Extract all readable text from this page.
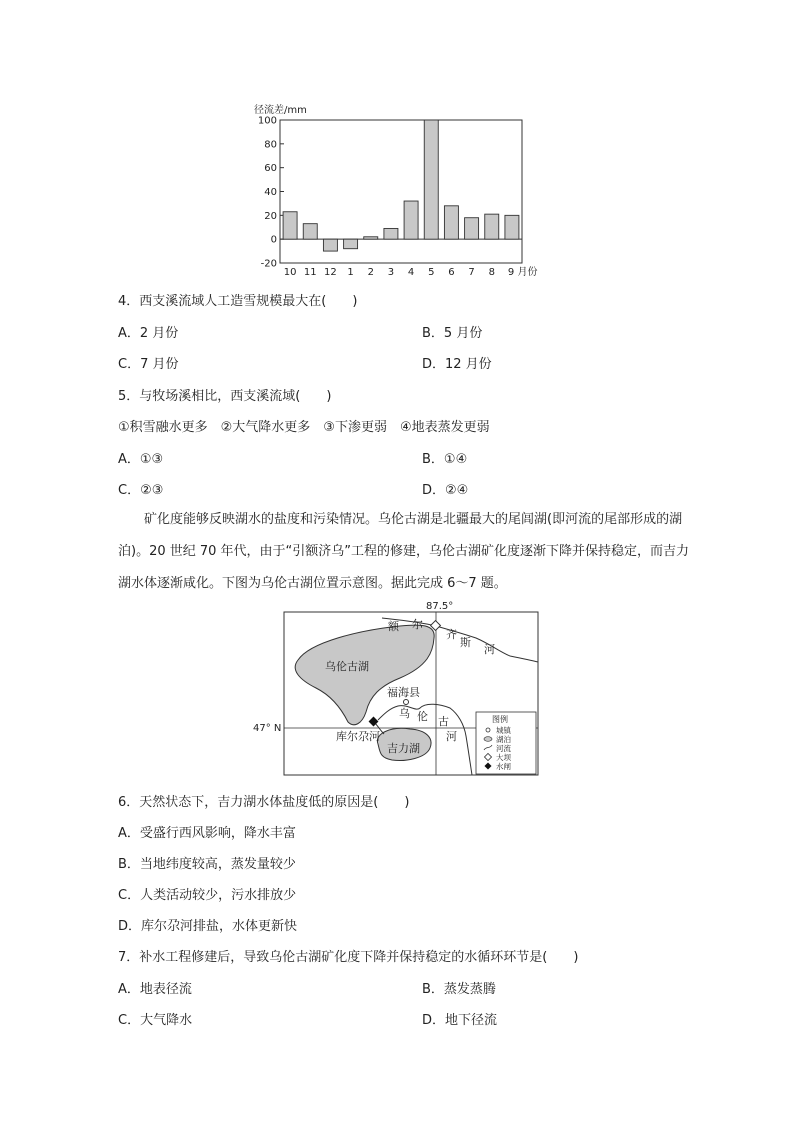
径流差/mm
100
80
60
40
20
0
-20
10 11 12 1 2 3 4 5 6 7 8 9 月份
4．西支溪流域人工造雪规模最大在(　　)
A．2 月份	B．5 月份
C．7 月份	D．12 月份
5．与牧场溪相比，西支溪流域(　　)
①积雪融水更多　②大气降水更多　③下渗更弱　④地表蒸发更弱
A．①③	B．①④
C．②③	D．②④
矿化度能够反映湖水的盐度和污染情况。乌伦古湖是北疆最大的尾闾湖(即河流的尾部形成的湖泊)。20 世纪 70 年代，由于“引额济乌”工程的修建，乌伦古湖矿化度逐渐下降并保持稳定，而吉力湖水体逐渐咸化。下图为乌伦古湖位置示意图。据此完成 6～7 题。
87.5°
47° N
乌伦古湖
吉力湖
福海县
库尔尕河
额 尔
齐
斯
河
乌 伦 古
河
图例
城镇
湖泊
河流
大坝
水闸
6．天然状态下，吉力湖水体盐度低的原因是(　　)
A．受盛行西风影响，降水丰富
B．当地纬度较高，蒸发量较少
C．人类活动较少，污水排放少
D．库尔尕河排盐，水体更新快
7．补水工程修建后，导致乌伦古湖矿化度下降并保持稳定的水循环环节是(　　)
A．地表径流	B．蒸发蒸腾
C．大气降水	D．地下径流
